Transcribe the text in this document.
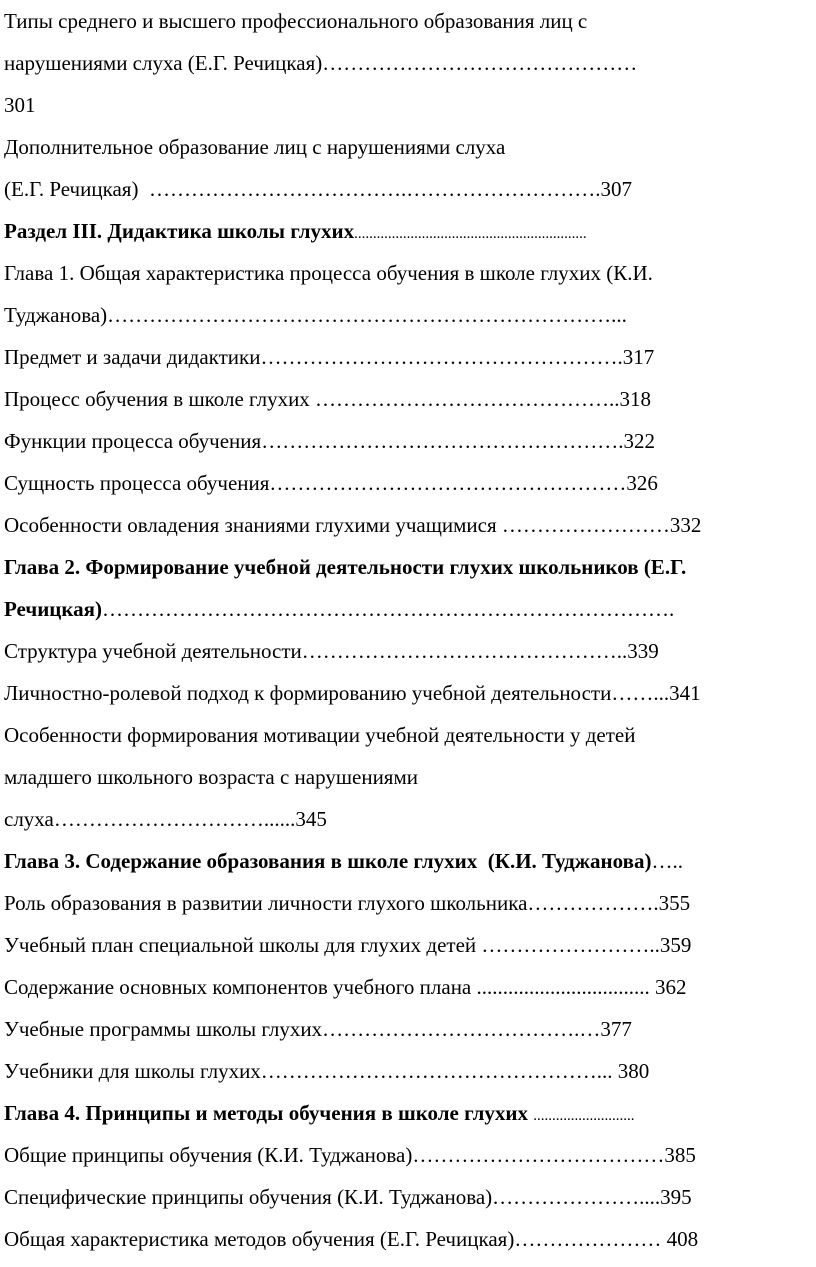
Типы среднего и высшего профессионального образования лиц с
нарушениями слуха (Е.Г. Речицкая)………………………………………
301
Дополнительное образование лиц с нарушениями слуха
(Е.Г. Речицкая)  ……………………………….……………………….307
Раздел III. Дидактика школы глухих..............................................................
Глава 1. Общая характеристика процесса обучения в школе глухих (К.И.
Туджанова)………………………………………………………………...
Предмет и задачи дидактики…………………………………………….317
Процесс обучения в школе глухих ……………………………………..318
Функции процесса обучения…………………………………………….322
Сущность процесса обучения……………………………………………326
Особенности овладения знаниями глухими учащимися ……………………332
Глава 2. Формирование учебной деятельности глухих школьников (Е.Г.
Речицкая)……………………………………………………………………….
Структура учебной деятельности………………………………………..339
Личностно-ролевой подход к формированию учебной деятельности……...341
Особенности формирования мотивации учебной деятельности у детей
младшего школьного возраста с нарушениями
слуха…………………………......345
Глава 3. Содержание образования в школе глухих  (К.И. Туджанова)…..
Роль образования в развитии личности глухого школьника……………….355
Учебный план специальной школы для глухих детей ……………………..359
Содержание основных компонентов учебного плана ................................. 362
Учебные программы школы глухих……………………………….…377
Учебники для школы глухих…………………………………………... 380
Глава 4. Принципы и методы обучения в школе глухих ...........................
Общие принципы обучения (К.И. Туджанова)………………………………385
Специфические принципы обучения (К.И. Туджанова)…………………....395
Общая характеристика методов обучения (Е.Г. Речицкая)………………… 408
